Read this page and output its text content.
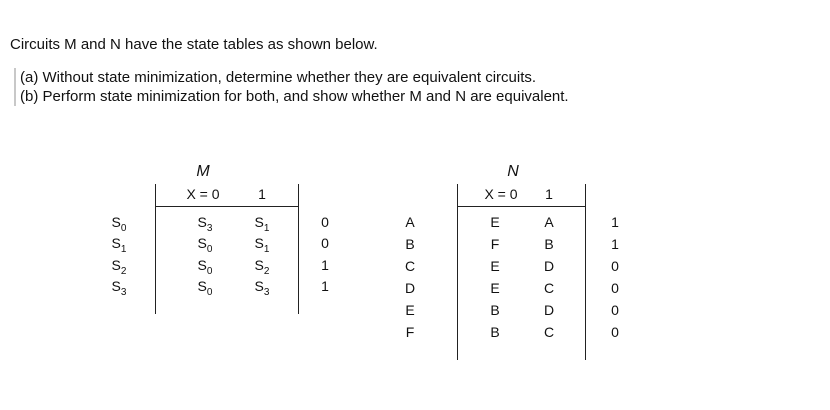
Circuits M and N have the state tables as shown below.

(a) Without state minimization, determine whether they are equivalent circuits.
(b) Perform state minimization for both, and show whether M and N are equivalent.
M
X = 0	1
$S_0$	$S_3$	$S_1$	0
$S_1$	$S_0$	$S_1$	0
$S_2$	$S_0$	$S_2$	1
$S_3$	$S_0$	$S_3$	1
N
X = 0	1
A	E	A	1
B	F	B	1
C	E	D	0
D	E	C	0
E	B	D	0
F	B	C	0
